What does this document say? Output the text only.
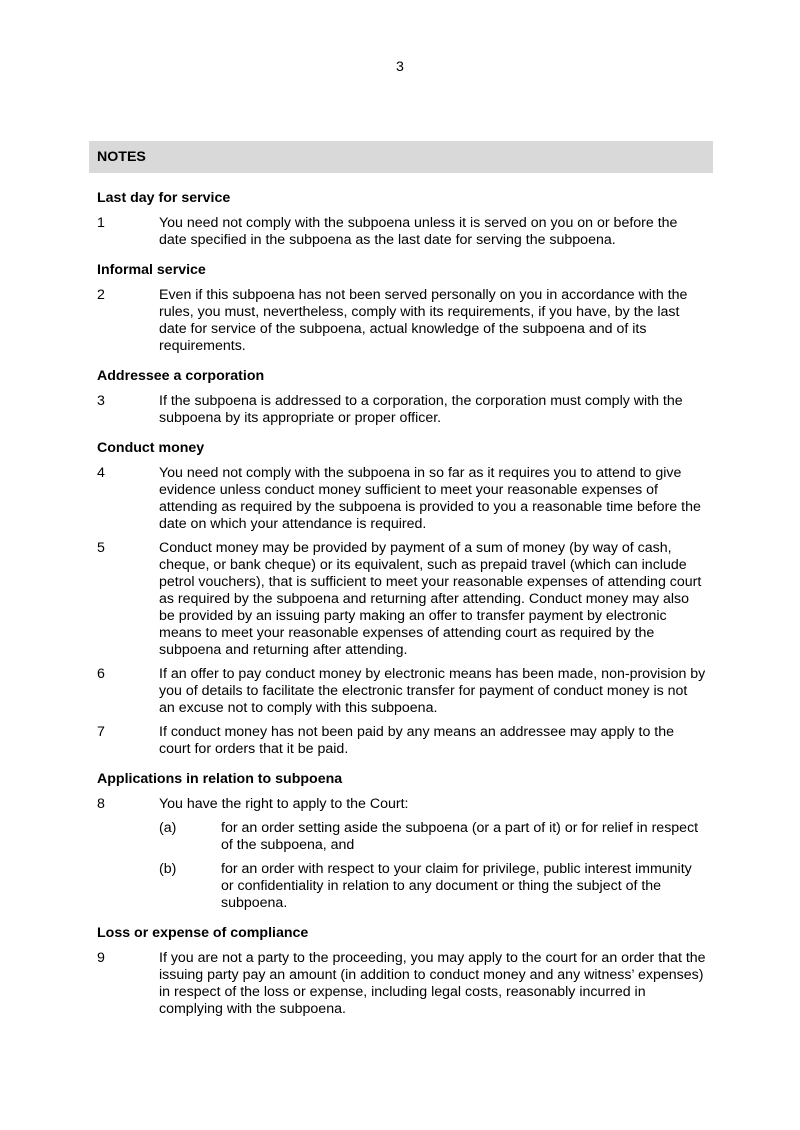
3
NOTES
Last day for service
1	You need not comply with the subpoena unless it is served on you on or before the date specified in the subpoena as the last date for serving the subpoena.
Informal service
2	Even if this subpoena has not been served personally on you in accordance with the rules, you must, nevertheless, comply with its requirements, if you have, by the last date for service of the subpoena, actual knowledge of the subpoena and of its requirements.
Addressee a corporation
3	If the subpoena is addressed to a corporation, the corporation must comply with the subpoena by its appropriate or proper officer.
Conduct money
4	You need not comply with the subpoena in so far as it requires you to attend to give evidence unless conduct money sufficient to meet your reasonable expenses of attending as required by the subpoena is provided to you a reasonable time before the date on which your attendance is required.
5	Conduct money may be provided by payment of a sum of money (by way of cash, cheque, or bank cheque) or its equivalent, such as prepaid travel (which can include petrol vouchers), that is sufficient to meet your reasonable expenses of attending court as required by the subpoena and returning after attending. Conduct money may also be provided by an issuing party making an offer to transfer payment by electronic means to meet your reasonable expenses of attending court as required by the subpoena and returning after attending.
6	If an offer to pay conduct money by electronic means has been made, non-provision by you of details to facilitate the electronic transfer for payment of conduct money is not an excuse not to comply with this subpoena.
7	If conduct money has not been paid by any means an addressee may apply to the court for orders that it be paid.
Applications in relation to subpoena
8	You have the right to apply to the Court:
(a)	for an order setting aside the subpoena (or a part of it) or for relief in respect of the subpoena, and
(b)	for an order with respect to your claim for privilege, public interest immunity or confidentiality in relation to any document or thing the subject of the subpoena.
Loss or expense of compliance
9	If you are not a party to the proceeding, you may apply to the court for an order that the issuing party pay an amount (in addition to conduct money and any witness’ expenses) in respect of the loss or expense, including legal costs, reasonably incurred in complying with the subpoena.
